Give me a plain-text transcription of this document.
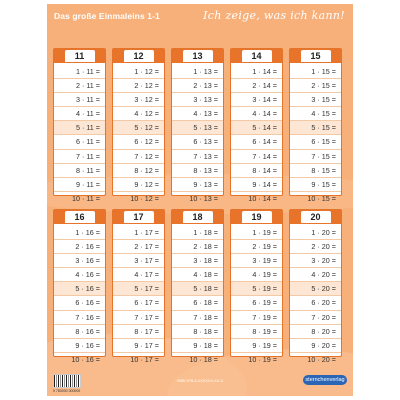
Das große Einmaleins 1-1	Ich zeige, was ich kann!
11
1 · 11 =
2 · 11 =
3 · 11 =
4 · 11 =
5 · 11 =
6 · 11 =
7 · 11 =
8 · 11 =
9 · 11 =
10 · 11 =
12
1 · 12 =
2 · 12 =
3 · 12 =
4 · 12 =
5 · 12 =
6 · 12 =
7 · 12 =
8 · 12 =
9 · 12 =
10 · 12 =
13
1 · 13 =
2 · 13 =
3 · 13 =
4 · 13 =
5 · 13 =
6 · 13 =
7 · 13 =
8 · 13 =
9 · 13 =
10 · 13 =
14
1 · 14 =
2 · 14 =
3 · 14 =
4 · 14 =
5 · 14 =
6 · 14 =
7 · 14 =
8 · 14 =
9 · 14 =
10 · 14 =
15
1 · 15 =
2 · 15 =
3 · 15 =
4 · 15 =
5 · 15 =
6 · 15 =
7 · 15 =
8 · 15 =
9 · 15 =
10 · 15 =
16
1 · 16 =
2 · 16 =
3 · 16 =
4 · 16 =
5 · 16 =
6 · 16 =
7 · 16 =
8 · 16 =
9 · 16 =
10 · 16 =
17
1 · 17 =
2 · 17 =
3 · 17 =
4 · 17 =
5 · 17 =
6 · 17 =
7 · 17 =
8 · 17 =
9 · 17 =
10 · 17 =
18
1 · 18 =
2 · 18 =
3 · 18 =
4 · 18 =
5 · 18 =
6 · 18 =
7 · 18 =
8 · 18 =
9 · 18 =
10 · 18 =
19
1 · 19 =
2 · 19 =
3 · 19 =
4 · 19 =
5 · 19 =
6 · 19 =
7 · 19 =
8 · 19 =
9 · 19 =
10 · 19 =
20
1 · 20 =
2 · 20 =
3 · 20 =
4 · 20 =
5 · 20 =
6 · 20 =
7 · 20 =
8 · 20 =
9 · 20 =
10 · 20 =
ISBN 978-3-XXXXXX-XX-X
9 783000 000000
sternchenverlag
